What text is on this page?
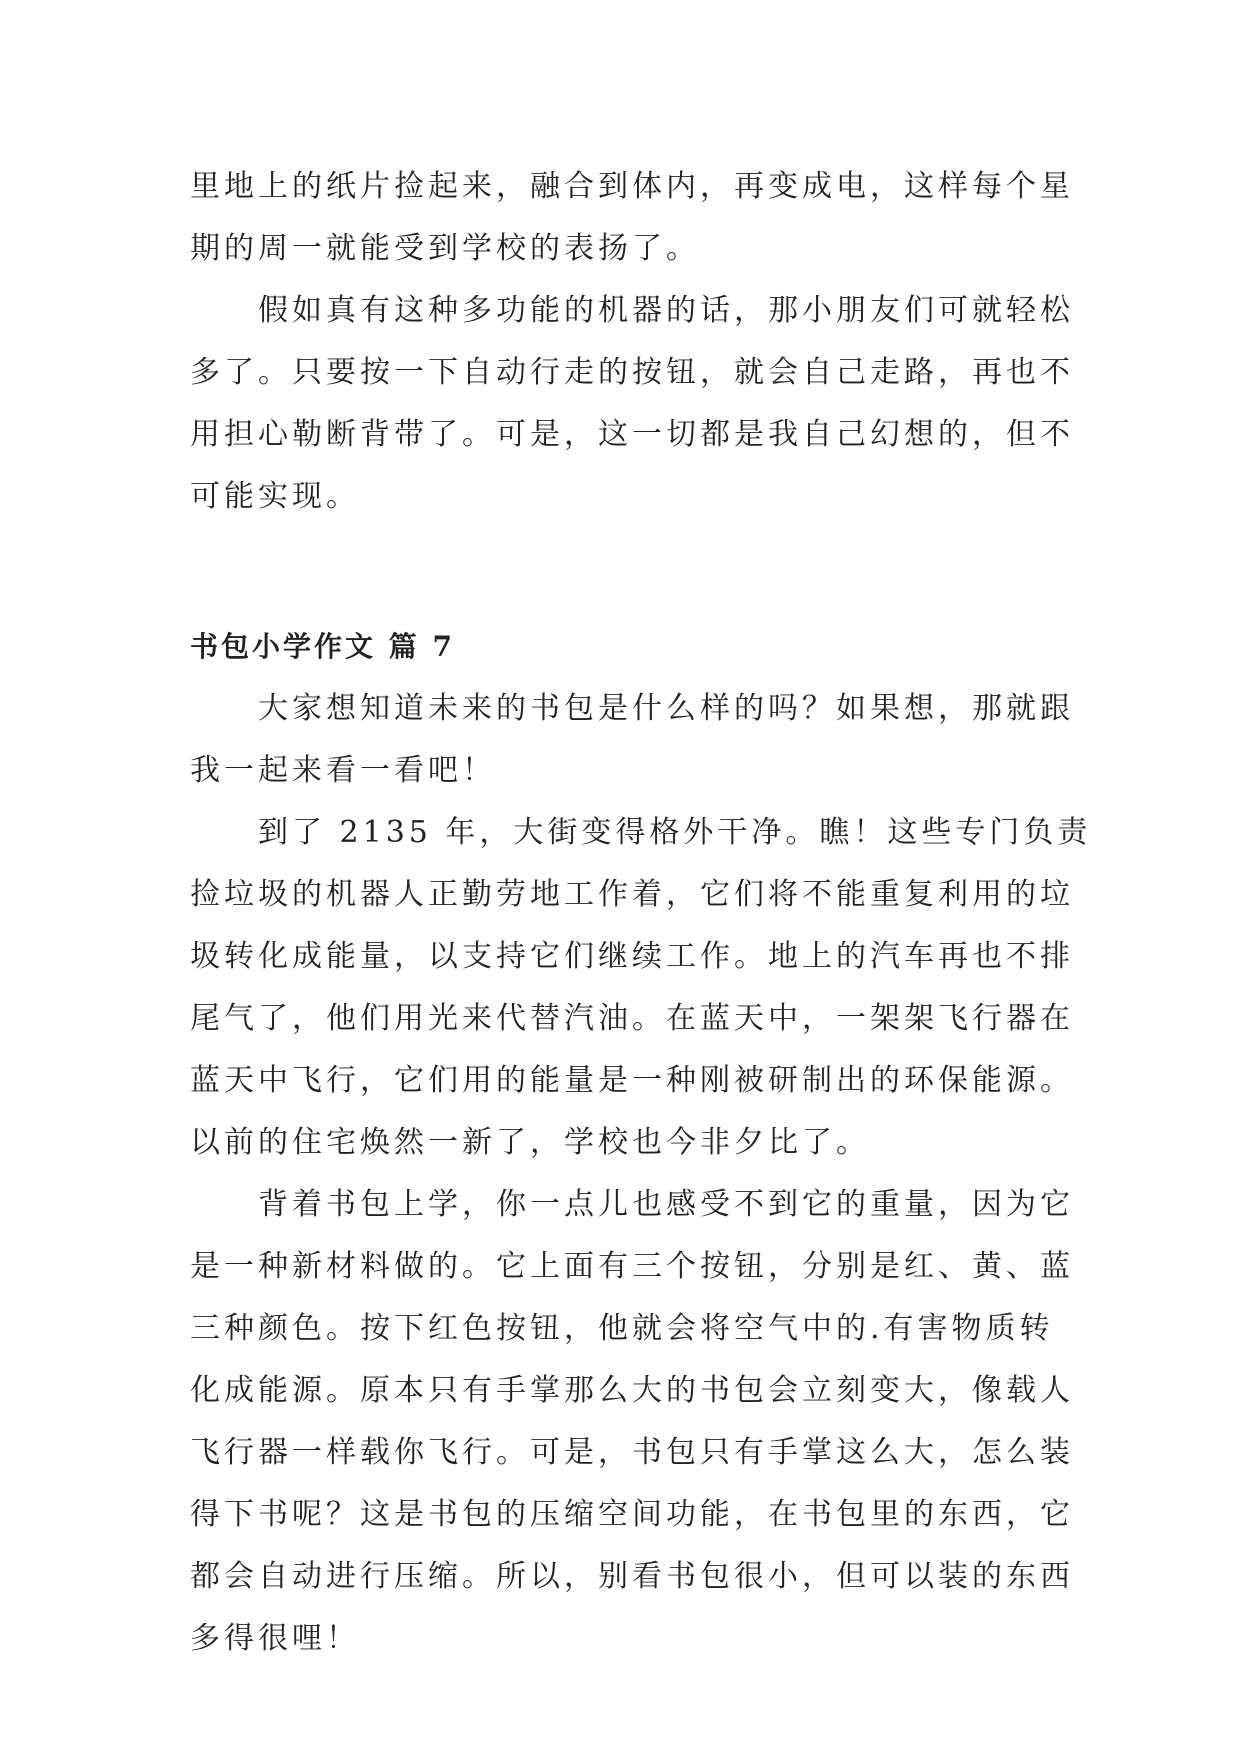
里地上的纸片捡起来，融合到体内，再变成电，这样每个星
期的周一就能受到学校的表扬了。

假如真有这种多功能的机器的话，那小朋友们可就轻松
多了。只要按一下自动行走的按钮，就会自己走路，再也不
用担心勒断背带了。可是，这一切都是我自己幻想的，但不
可能实现。

书包小学作文 篇 7

大家想知道未来的书包是什么样的吗？如果想，那就跟
我一起来看一看吧！

到了 2135 年，大街变得格外干净。瞧！这些专门负责
捡垃圾的机器人正勤劳地工作着，它们将不能重复利用的垃
圾转化成能量，以支持它们继续工作。地上的汽车再也不排
尾气了，他们用光来代替汽油。在蓝天中，一架架飞行器在
蓝天中飞行，它们用的能量是一种刚被研制出的环保能源。
以前的住宅焕然一新了，学校也今非夕比了。

背着书包上学，你一点儿也感受不到它的重量，因为它
是一种新材料做的。它上面有三个按钮，分别是红、黄、蓝
三种颜色。按下红色按钮，他就会将空气中的.有害物质转
化成能源。原本只有手掌那么大的书包会立刻变大，像载人
飞行器一样载你飞行。可是，书包只有手掌这么大，怎么装
得下书呢？这是书包的压缩空间功能，在书包里的东西，它
都会自动进行压缩。所以，别看书包很小，但可以装的东西
多得很哩！
